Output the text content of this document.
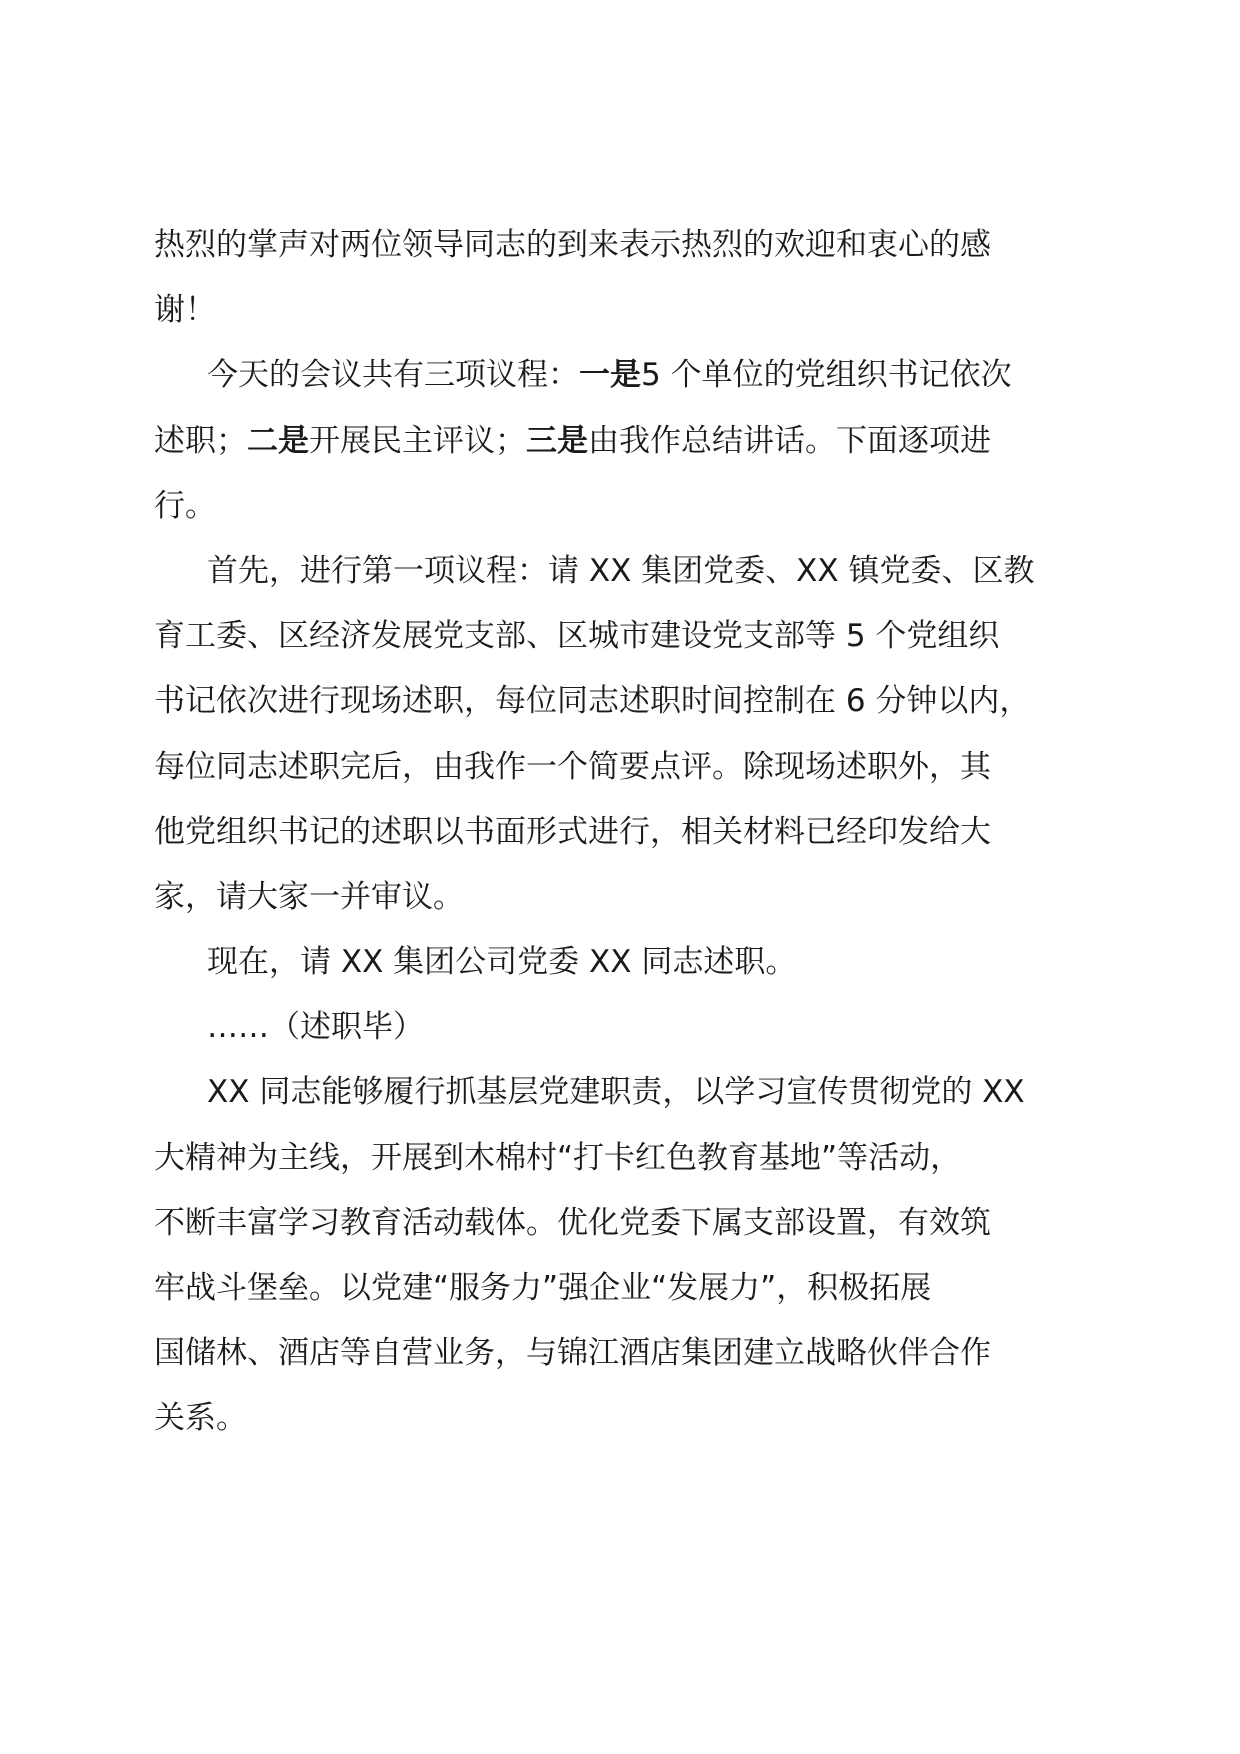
热烈的掌声对两位领导同志的到来表示热烈的欢迎和衷心的感
谢！
今天的会议共有三项议程：一是5 个单位的党组织书记依次
述职；二是开展民主评议；三是由我作总结讲话。下面逐项进
行。
首先，进行第一项议程：请 XX 集团党委、XX 镇党委、区教
育工委、区经济发展党支部、区城市建设党支部等 5 个党组织
书记依次进行现场述职，每位同志述职时间控制在 6 分钟以内，
每位同志述职完后，由我作一个简要点评。除现场述职外，其
他党组织书记的述职以书面形式进行，相关材料已经印发给大
家，请大家一并审议。
现在，请 XX 集团公司党委 XX 同志述职。
……（述职毕）
XX 同志能够履行抓基层党建职责，以学习宣传贯彻党的 XX
大精神为主线，开展到木棉村“打卡红色教育基地”等活动，
不断丰富学习教育活动载体。优化党委下属支部设置，有效筑
牢战斗堡垒。以党建“服务力”强企业“发展力”，积极拓展
国储林、酒店等自营业务，与锦江酒店集团建立战略伙伴合作
关系。
